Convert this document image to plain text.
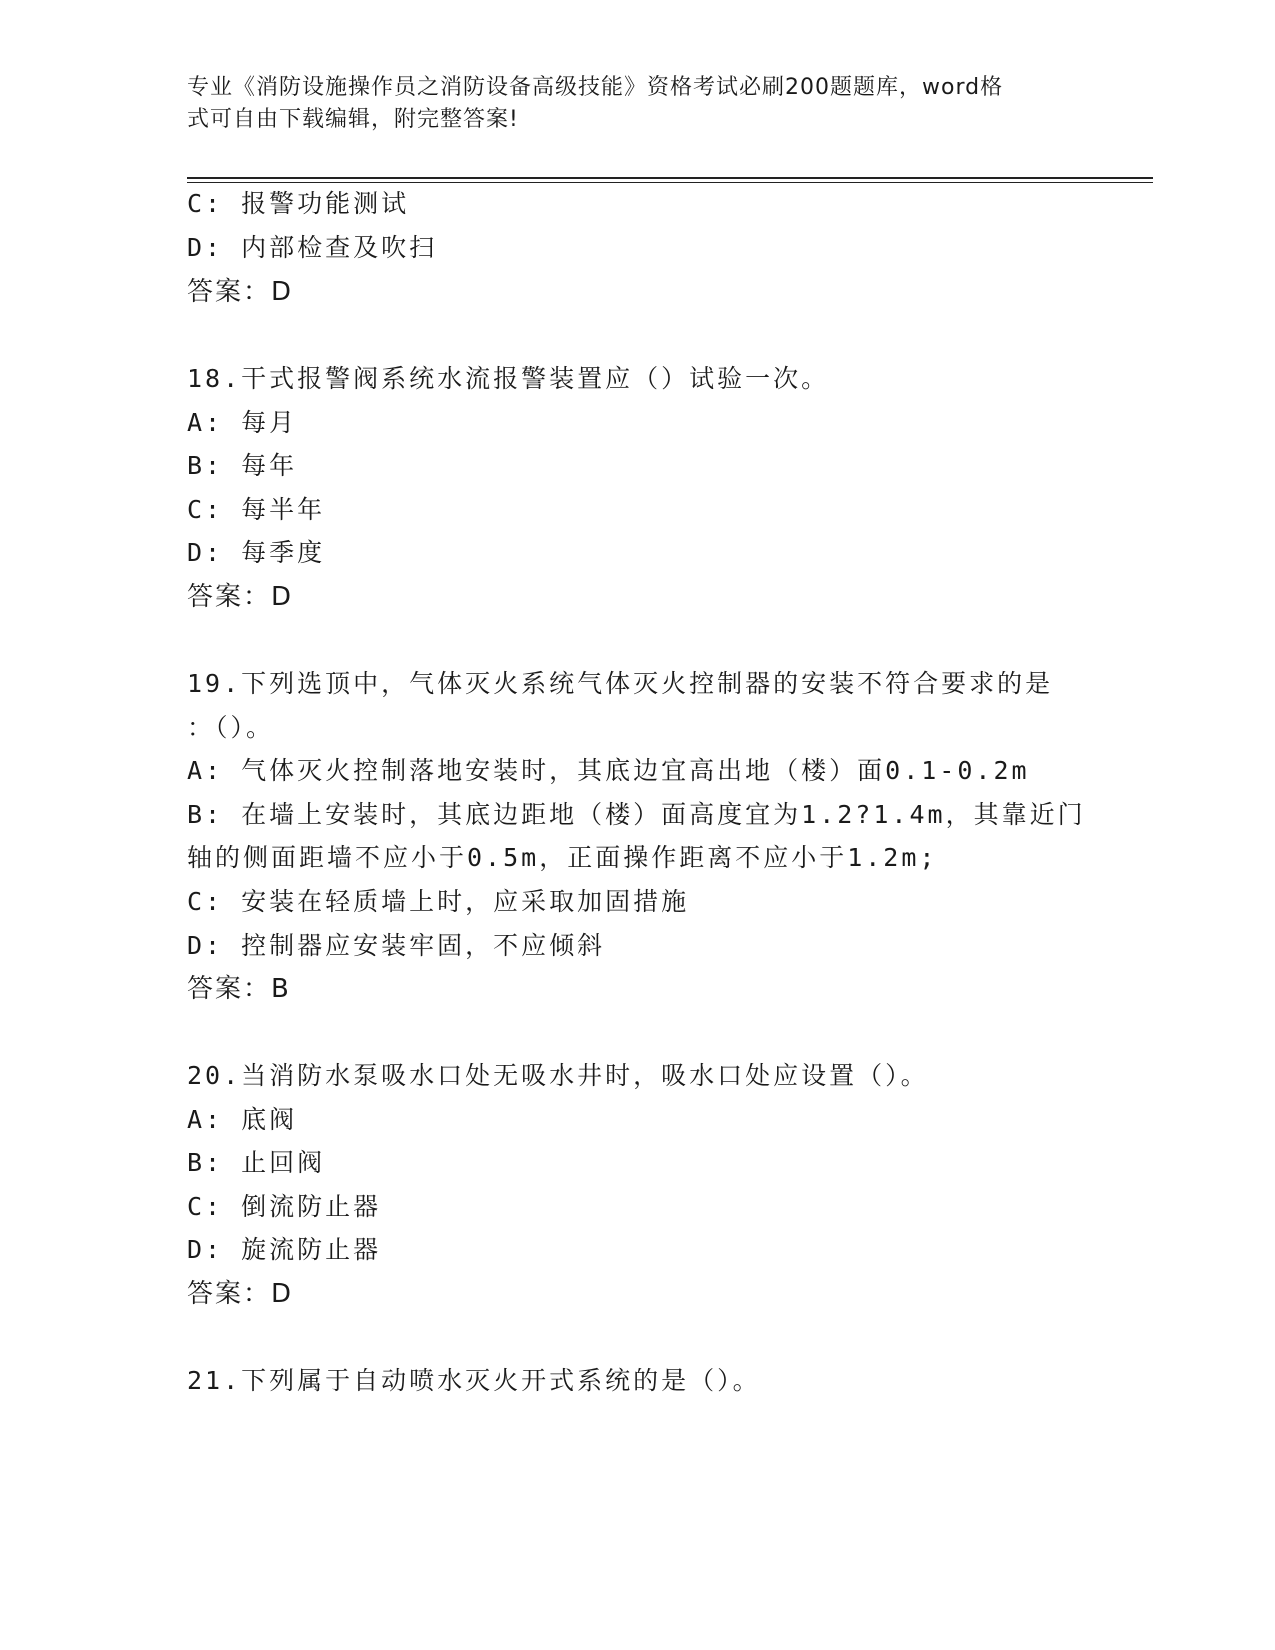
专业《消防设施操作员之消防设备高级技能》资格考试必刷200题题库，word格
式可自由下载编辑，附完整答案!
C: 报警功能测试
D: 内部检查及吹扫
答案：D
18.干式报警阀系统水流报警装置应（）试验一次。
A: 每月
B: 每年
C: 每半年
D: 每季度
答案：D
19.下列选顶中，气体灭火系统气体灭火控制器的安装不符合要求的是
：（）。
A: 气体灭火控制落地安装时，其底边宜高出地（楼）面0.1-0.2m
B: 在墙上安装时，其底边距地（楼）面高度宜为1.2?1.4m，其靠近门
轴的侧面距墙不应小于0.5m，正面操作距离不应小于1.2m;
C: 安装在轻质墙上时，应采取加固措施
D: 控制器应安装牢固，不应倾斜
答案：B
20.当消防水泵吸水口处无吸水井时，吸水口处应设置（）。
A: 底阀
B: 止回阀
C: 倒流防止器
D: 旋流防止器
答案：D
21.下列属于自动喷水灭火开式系统的是（）。
